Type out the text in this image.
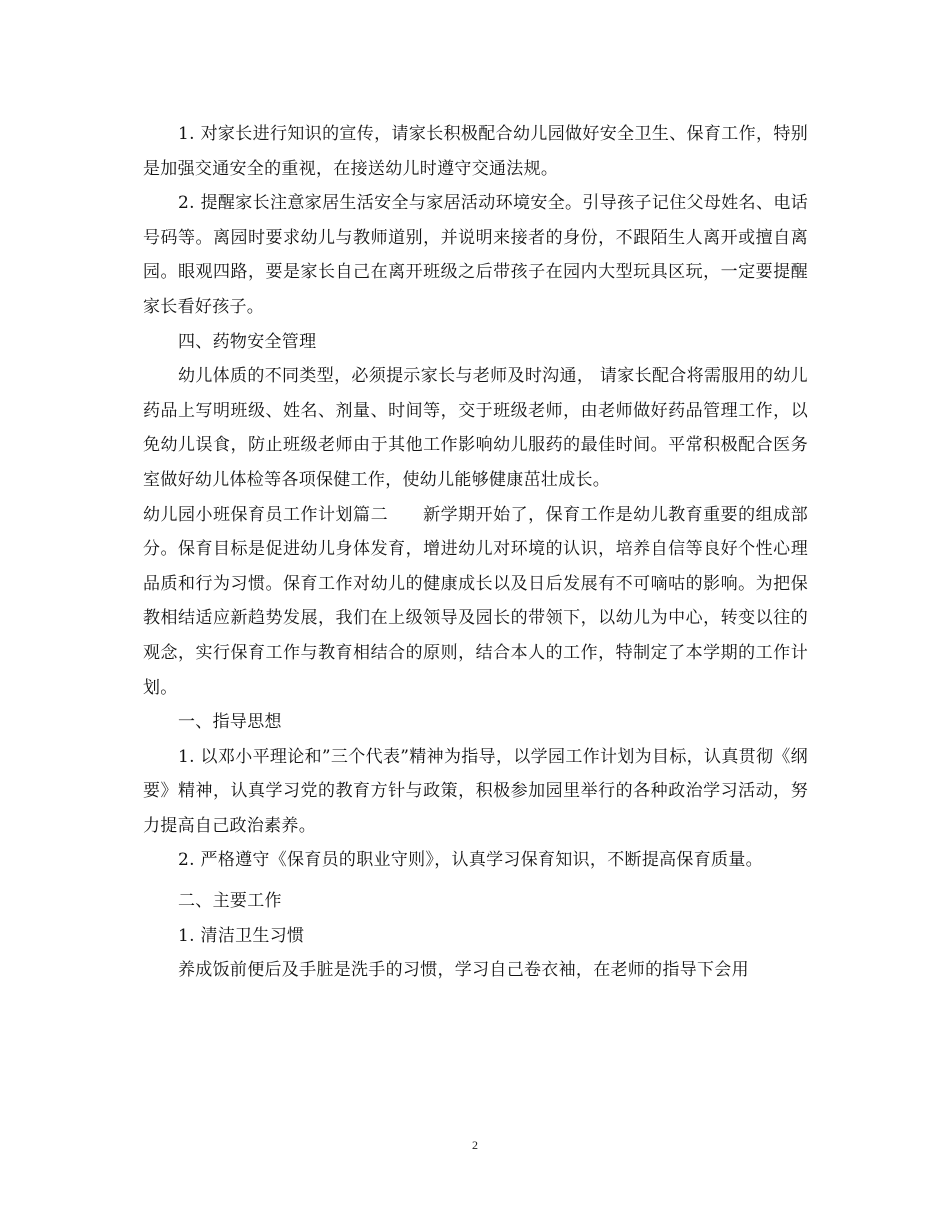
1. 对家长进行知识的宣传，请家长积极配合幼儿园做好安全卫生、保育工作，特别是加强交通安全的重视，在接送幼儿时遵守交通法规。

2. 提醒家长注意家居生活安全与家居活动环境安全。引导孩子记住父母姓名、电话号码等。离园时要求幼儿与教师道别，并说明来接者的身份，不跟陌生人离开或擅自离园。眼观四路，要是家长自己在离开班级之后带孩子在园内大型玩具区玩，一定要提醒家长看好孩子。

四、药物安全管理

幼儿体质的不同类型，必须提示家长与老师及时沟通， 请家长配合将需服用的幼儿药品上写明班级、姓名、剂量、时间等，交于班级老师，由老师做好药品管理工作，以免幼儿误食，防止班级老师由于其他工作影响幼儿服药的最佳时间。平常积极配合医务室做好幼儿体检等各项保健工作，使幼儿能够健康茁壮成长。

幼儿园小班保育员工作计划篇二　　新学期开始了，保育工作是幼儿教育重要的组成部分。保育目标是促进幼儿身体发育，增进幼儿对环境的认识，培养自信等良好个性心理品质和行为习惯。保育工作对幼儿的健康成长以及日后发展有不可嘀咕的影响。为把保教相结适应新趋势发展，我们在上级领导及园长的带领下，以幼儿为中心，转变以往的观念，实行保育工作与教育相结合的原则，结合本人的工作，特制定了本学期的工作计划。

一、指导思想

1. 以邓小平理论和”三个代表”精神为指导，以学园工作计划为目标，认真贯彻《纲要》精神，认真学习党的教育方针与政策，积极参加园里举行的各种政治学习活动，努力提高自己政治素养。

2. 严格遵守《保育员的职业守则》，认真学习保育知识，不断提高保育质量。

二、主要工作

1. 清洁卫生习惯

养成饭前便后及手脏是洗手的习惯，学习自己卷衣袖，在老师的指导下会用

2
